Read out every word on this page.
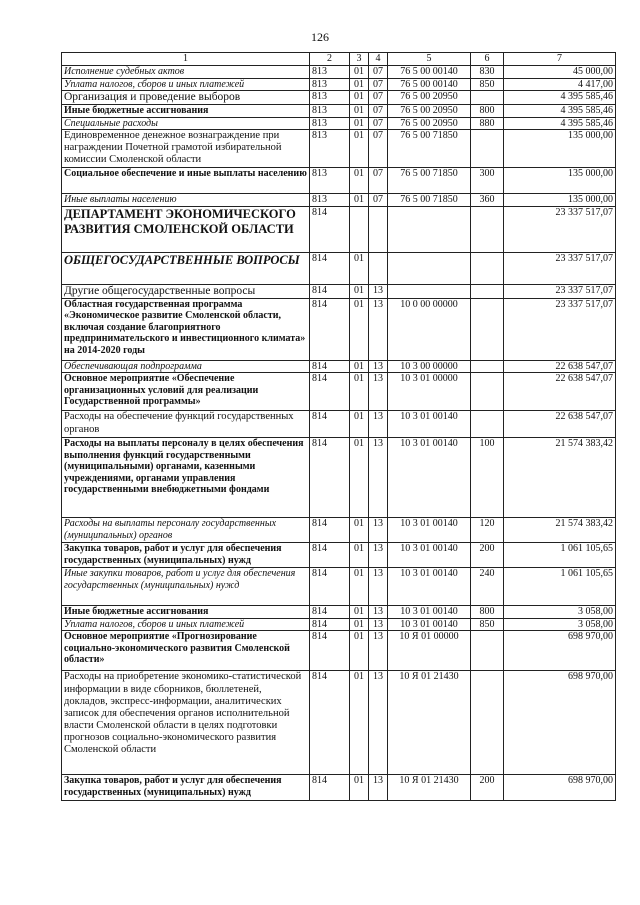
126
1	2	3	4	5	6	7
Исполнение судебных актов	813	01	07	76 5 00 00140	830	45 000,00
Уплата налогов, сборов и иных платежей	813	01	07	76 5 00 00140	850	4 417,00
Организация и проведение выборов	813	01	07	76 5 00 20950		4 395 585,46
Иные бюджетные ассигнования	813	01	07	76 5 00 20950	800	4 395 585,46
Специальные расходы	813	01	07	76 5 00 20950	880	4 395 585,46
Единовременное денежное вознаграждение при награждении Почетной грамотой избирательной комиссии Смоленской области	813	01	07	76 5 00 71850		135 000,00
Социальное обеспечение и иные выплаты населению	813	01	07	76 5 00 71850	300	135 000,00
Иные выплаты населению	813	01	07	76 5 00 71850	360	135 000,00
ДЕПАРТАМЕНТ ЭКОНОМИЧЕСКОГО РАЗВИТИЯ СМОЛЕНСКОЙ ОБЛАСТИ	814					23 337 517,07
ОБЩЕГОСУДАРСТВЕННЫЕ ВОПРОСЫ	814	01				23 337 517,07
Другие общегосударственные вопросы	814	01	13			23 337 517,07
Областная государственная программа «Экономическое развитие Смоленской области, включая создание благоприятного предпринимательского и инвестиционного климата» на 2014-2020 годы	814	01	13	10 0 00 00000		23 337 517,07
Обеспечивающая подпрограмма	814	01	13	10 3 00 00000		22 638 547,07
Основное мероприятие «Обеспечение организационных условий для реализации Государственной программы»	814	01	13	10 3 01 00000		22 638 547,07
Расходы на обеспечение функций государственных органов	814	01	13	10 3 01 00140		22 638 547,07
Расходы на выплаты персоналу в целях обеспечения выполнения функций государственными (муниципальными) органами, казенными учреждениями, органами управления государственными внебюджетными фондами	814	01	13	10 3 01 00140	100	21 574 383,42
Расходы на выплаты персоналу государственных (муниципальных) органов	814	01	13	10 3 01 00140	120	21 574 383,42
Закупка товаров, работ и услуг для обеспечения государственных (муниципальных) нужд	814	01	13	10 3 01 00140	200	1 061 105,65
Иные закупки товаров, работ и услуг для обеспечения государственных (муниципальных) нужд	814	01	13	10 3 01 00140	240	1 061 105,65
Иные бюджетные ассигнования	814	01	13	10 3 01 00140	800	3 058,00
Уплата налогов, сборов и иных платежей	814	01	13	10 3 01 00140	850	3 058,00
Основное мероприятие «Прогнозирование социально-экономического развития Смоленской области»	814	01	13	10 Я 01 00000		698 970,00
Расходы на приобретение экономико-статистической информации в виде сборников, бюллетеней, докладов, экспресс-информации, аналитических записок для обеспечения органов исполнительной власти Смоленской области в целях подготовки прогнозов социально-экономического развития Смоленской области	814	01	13	10 Я 01 21430		698 970,00
Закупка товаров, работ и услуг для обеспечения государственных (муниципальных) нужд	814	01	13	10 Я 01 21430	200	698 970,00
